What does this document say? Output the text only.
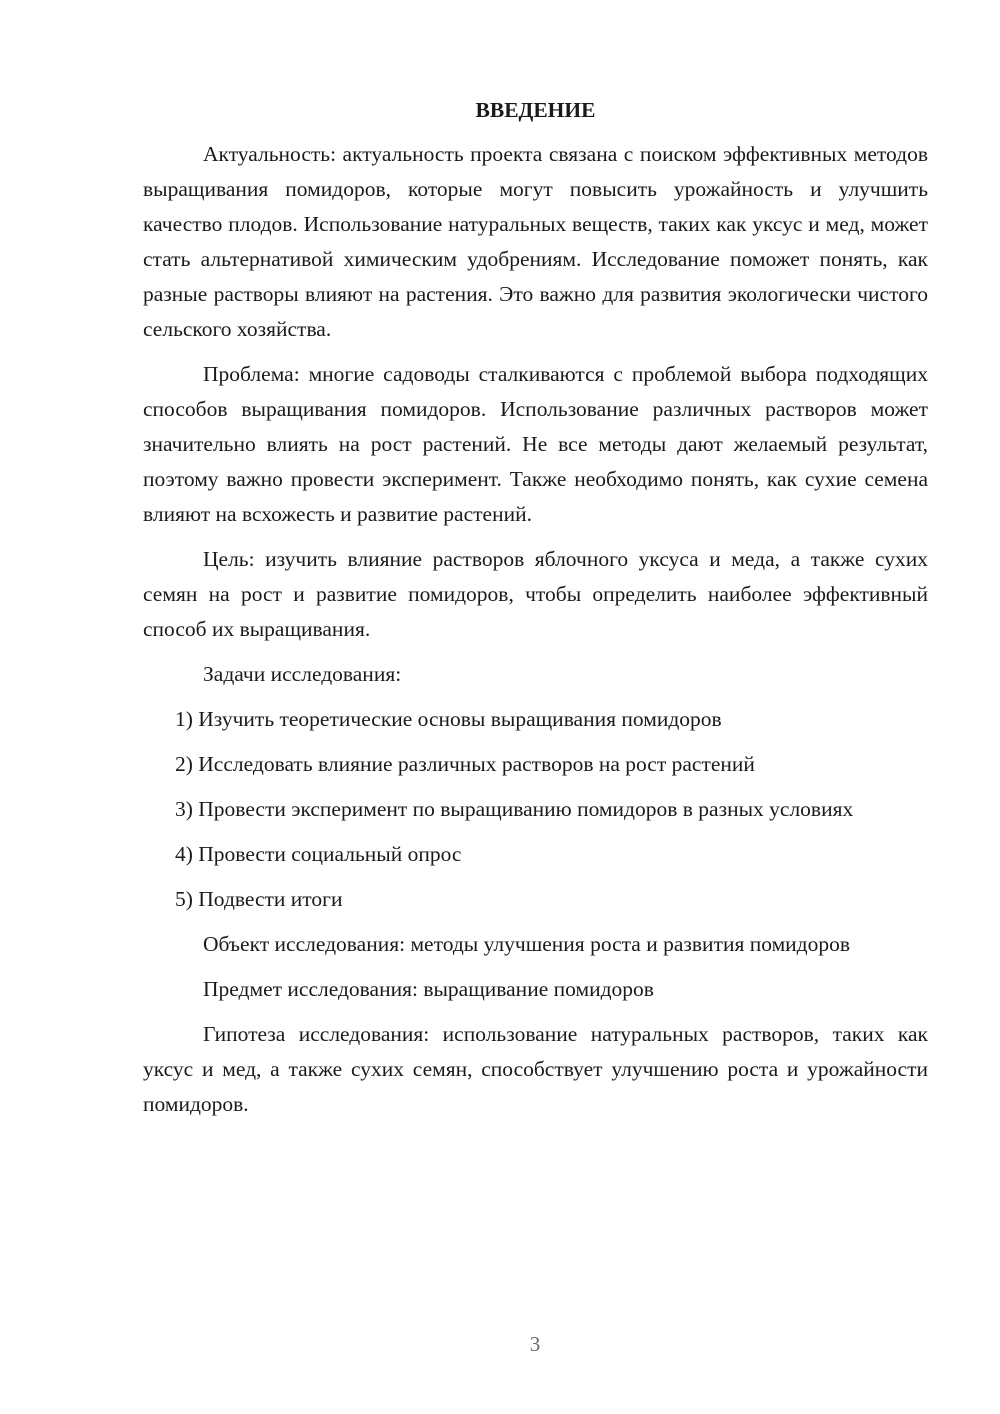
ВВЕДЕНИЕ

Актуальность: актуальность проекта связана с поиском эффективных методов выращивания помидоров, которые могут повысить урожайность и улучшить качество плодов. Использование натуральных веществ, таких как уксус и мед, может стать альтернативой химическим удобрениям. Исследование поможет понять, как разные растворы влияют на растения. Это важно для развития экологически чистого сельского хозяйства.

Проблема: многие садоводы сталкиваются с проблемой выбора подходящих способов выращивания помидоров. Использование различных растворов может значительно влиять на рост растений. Не все методы дают желаемый результат, поэтому важно провести эксперимент. Также необходимо понять, как сухие семена влияют на всхожесть и развитие растений.

Цель: изучить влияние растворов яблочного уксуса и меда, а также сухих семян на рост и развитие помидоров, чтобы определить наиболее эффективный способ их выращивания.

Задачи исследования:

1) Изучить теоретические основы выращивания помидоров

2) Исследовать влияние различных растворов на рост растений

3) Провести эксперимент по выращиванию помидоров в разных условиях

4) Провести социальный опрос

5) Подвести итоги

Объект исследования: методы улучшения роста и развития помидоров

Предмет исследования: выращивание помидоров

Гипотеза исследования: использование натуральных растворов, таких как уксус и мед, а также сухих семян, способствует улучшению роста и урожайности помидоров.

3
